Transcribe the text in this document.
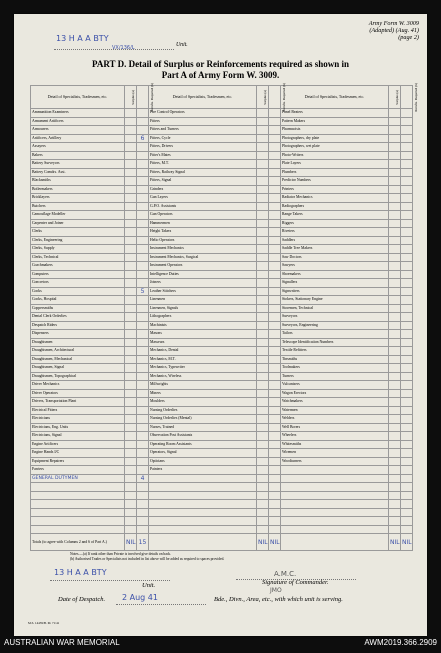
Army Form W. 3009
(Adapted) (Aug. 41)
(page 2)
13 H A A BTY
VX/136/L	Unit.
PART D. Detail of Surplus or Reinforcements required as shown in
Part A of Army Form W. 3009.
Detail of Specialists, Tradesmen, etc.	Surplus (a)	Reinfts. Required (b)	Detail of Specialists, Tradesmen, etc.	Surplus (a)	Reinfts. Required (b)	Detail of Specialists, Tradesmen, etc.	Surplus (a)	Reinfts. Required (b)
Ammunition Examiners			Fire Control Operators			Panel Beaters		
Armament Artificers			Fitters			Pattern Makers		
Armourers			Fitters and Turners			Pharmacists		
Artificers, Artillery		6	Fitters, Cycle			Photographers, dry plate		
Assayers			Fitters, Drivers			Photographers, wet plate		
Bakers			Fitter's Mates			Photo-Writers		
Battery Surveyors			Fitters, M.T.			Plate Layers		
Battery Comdrs. Asst.			Fitters, Railway Signal			Plumbers		
Blacksmiths			Fitters, Signal			Predictor Numbers		
Boilermakers			Grinders			Printers		
Bricklayers			Gun Layers			Radiator Mechanics		
Butchers			G.P.O. Assistants			Radiographers		
Camouflage Modeller			Gun Operators			Range Takers		
Carpenter and Joiner			Hammermen			Riggers		
Clerks			Height Takers			Riveters		
Clerks, Engineering			Helio Operators			Saddlers		
Clerks, Supply			Instrument Mechanics			Saddle Tree Makers		
Clerks, Technical			Instrument Mechanics, Surgical			Saw Doctors		
Coachmakers			Instrument Operators			Sawyers		
Computers			Intelligence Duties			Shoemakers		
Concretors			Joiners			Signallers		
Cooks		5	Leather Stitchers			Signwriters		
Cooks, Hospital			Linesmen			Stokers, Stationary Engine		
Coppersmiths			Linesmen, Signals			Storemen, Technical		
Dental Clerk Orderlies			Lithographers			Surveyors		
Despatch Riders			Machinists			Surveyors, Engineering		
Dispensers			Masons			Tailors		
Draughtsmen			Masseurs			Telescope Identification Numbers		
Draughtsmen, Architectural			Mechanics, Dental			Textile Refitters		
Draughtsmen, Mechanical			Mechanics, M.T.			Tinsmiths		
Draughtsmen, Signal			Mechanics, Typewriter			Toolmakers		
Draughtsmen, Topographical			Mechanics, Wireless			Turners		
Driver Mechanics			Millwrights			Vulcanisers		
Driver Operators			Miners			Wagon Erectors		
Drivers, Transportation Plant			Moulders			Watchmakers		
Electrical Fitters			Nursing Orderlies			Watermen		
Electricians			Nursing Orderlies (Mental)			Welders		
Electricians, Eng. Units			Nurses, Trained			Well Borers		
Electricians, Signal			Observation Post Assistants			Wheelers		
Engine Artificers			Operating Room Assistants			Whitesmiths		
Engine Hands I/C			Operators, Signal			Wiremen		
Equipment Repairers			Opticians			Woodturners		
Farriers			Painters					
GENERAL DUTYMEN		4						

Totals (to agree with Columns 2 and 6 of Part A.)	NIL	15		NIL	NIL		NIL	NIL
Notes.—(a) If rank other than Private is involved give details on back.
(b) Authorised Trades or Specialists not included in list above will be added as required to spaces provided.
13 H A A BTY
Unit.
A.M.C.
Signature of Commander.
JMO
Date of Despatch. 2 Aug 41	Bde., Divn., Area, etc., with which unit is serving.
M.S. 14439/B. M. 71/41
AUSTRALIAN WAR MEMORIAL	AWM2019.366.2909
